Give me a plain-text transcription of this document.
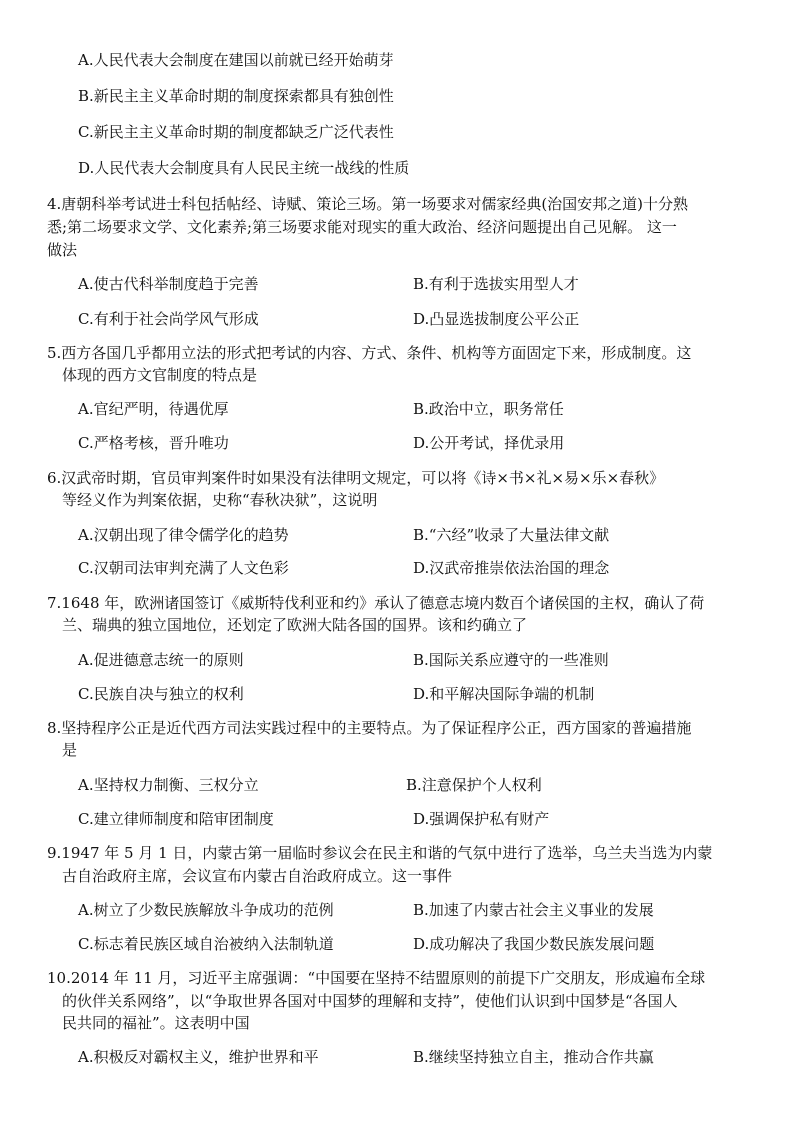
A.人民代表大会制度在建国以前就已经开始萌芽
B.新民主主义革命时期的制度探索都具有独创性
C.新民主主义革命时期的制度都缺乏广泛代表性
D.人民代表大会制度具有人民民主统一战线的性质
4.唐朝科举考试进士科包括帖经、诗赋、策论三场。第一场要求对儒家经典(治国安邦之道)十分熟
悉;第二场要求文学、文化素养;第三场要求能对现实的重大政治、经济问题提出自己见解。 这一
做法
A.使古代科举制度趋于完善	B.有利于选拔实用型人才
C.有利于社会尚学风气形成	D.凸显选拔制度公平公正
5.西方各国几乎都用立法的形式把考试的内容、方式、条件、机构等方面固定下来，形成制度。这
体现的西方文官制度的特点是
A.官纪严明，待遇优厚	B.政治中立，职务常任
C.严格考核，晋升唯功	D.公开考试，择优录用
6.汉武帝时期，官员审判案件时如果没有法律明文规定，可以将《诗×书×礼×易×乐×春秋》
等经义作为判案依据，史称“春秋决狱”，这说明
A.汉朝出现了律令儒学化的趋势	B.“六经”收录了大量法律文献
C.汉朝司法审判充满了人文色彩	D.汉武帝推崇依法治国的理念
7.1648 年，欧洲诸国签订《威斯特伐利亚和约》承认了德意志境内数百个诸侯国的主权，确认了荷
兰、瑞典的独立国地位，还划定了欧洲大陆各国的国界。该和约确立了
A.促进德意志统一的原则	B.国际关系应遵守的一些准则
C.民族自决与独立的权利	D.和平解决国际争端的机制
8.坚持程序公正是近代西方司法实践过程中的主要特点。为了保证程序公正，西方国家的普遍措施
是
A.坚持权力制衡、三权分立	B.注意保护个人权利
C.建立律师制度和陪审团制度	D.强调保护私有财产
9.1947 年 5 月 1 日，内蒙古第一届临时参议会在民主和谐的气氛中进行了选举，乌兰夫当选为内蒙
古自治政府主席，会议宣布内蒙古自治政府成立。这一事件
A.树立了少数民族解放斗争成功的范例	B.加速了内蒙古社会主义事业的发展
C.标志着民族区域自治被纳入法制轨道	D.成功解决了我国少数民族发展问题
10.2014 年 11 月，习近平主席强调：“中国要在坚持不结盟原则的前提下广交朋友，形成遍布全球
的伙伴关系网络”，以“争取世界各国对中国梦的理解和支持”，使他们认识到中国梦是“各国人
民共同的福祉”。这表明中国
A.积极反对霸权主义，维护世界和平	B.继续坚持独立自主，推动合作共赢
